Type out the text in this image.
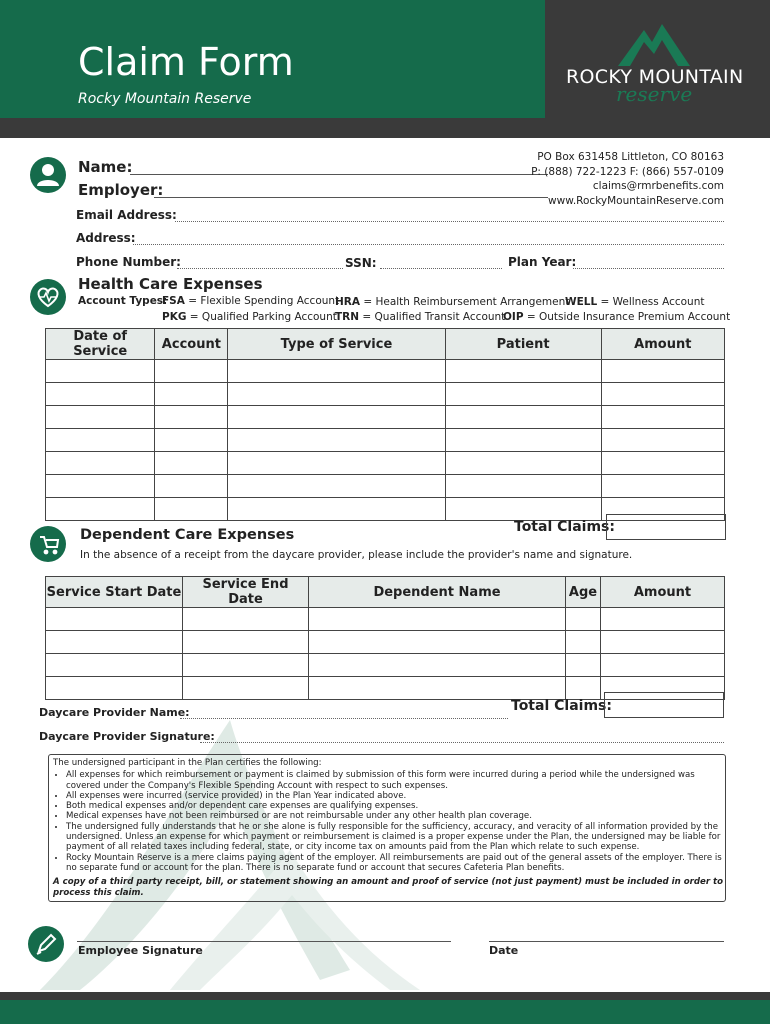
Claim Form
Rocky Mountain Reserve
ROCKY MOUNTAIN
reserve
Name:
Employer:
PO Box 631458 Littleton, CO 80163
P: (888) 722-1223 F: (866) 557-0109
claims@rmrbenefits.com
www.RockyMountainReserve.com
Email Address:
Address:
Phone Number:	SSN:	Plan Year:
Health Care Expenses
Account Types:
FSA = Flexible Spending Account
HRA = Health Reimbursement Arrangement
WELL = Wellness Account
PKG = Qualified Parking Account
TRN = Qualified Transit Account
OIP = Outside Insurance Premium Account
Date of Service	Account	Type of Service	Patient	Amount

Total Claims:
Dependent Care Expenses
In the absence of a receipt from the daycare provider, please include the provider's name and signature.
Service Start Date	Service End Date	Dependent Name	Age	Amount

Total Claims:
Daycare Provider Name:
Daycare Provider Signature:
The undersigned participant in the Plan certifies the following:
• All expenses for which reimbursement or payment is claimed by submission of this form were incurred during a period while the undersigned was covered under the Company's Flexible Spending Account with respect to such expenses.
• All expenses were incurred (service provided) in the Plan Year indicated above.
• Both medical expenses and/or dependent care expenses are qualifying expenses.
• Medical expenses have not been reimbursed or are not reimbursable under any other health plan coverage.
• The undersigned fully understands that he or she alone is fully responsible for the sufficiency, accuracy, and veracity of all information provided by the undersigned. Unless an expense for which payment or reimbursement is claimed is a proper expense under the Plan, the undersigned may be liable for payment of all related taxes including federal, state, or city income tax on amounts paid from the Plan which relate to such expense.
• Rocky Mountain Reserve is a mere claims paying agent of the employer. All reimbursements are paid out of the general assets of the employer. There is no separate fund or account for the plan. There is no separate fund or account that secures Cafeteria Plan benefits.
A copy of a third party receipt, bill, or statement showing an amount and proof of service (not just payment) must be included in order to process this claim.
Employee Signature	Date
